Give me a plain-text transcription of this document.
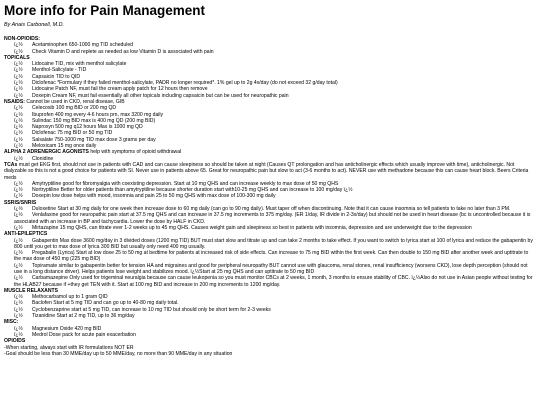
More info for Pain Management
By Anais Carbonell, M.D.
NON-OPIOIDS:
ï¿½ Acetaminophen 650-1000 mg TID scheduled
ï¿½ Check Vitamin D and replete as needed as low Vitamin D is associated with pain
TOPICALS
ï¿½ Lidocaine TID, mix with menthol salicylate
ï¿½ Menthol-Salicylate - TID
ï¿½ Capsaicin TID to QID
ï¿½ Diclofenac *Formulary if they failed menthol-salicylate, PADR no longer required*. 1% gel up to 2g 4x/day (do not exceed 32 g/day total)
ï¿½ Lidocaine Patch NF, must fail the cream apply patch for 12 hours then remove
ï¿½ Doxepin Cream NF, must fail essentially all other topicals including capsaicin but can be used for neuropathic pain
NSAIDS: Cannot be used in CKD, renal disease, GIB
ï¿½ Celecoxib 100 mg BID or 200 mg QD
ï¿½ Ibuprofen 400 mg every 4-6 hours prn, max 3200 mg daily
ï¿½ Sulindac 150 mg BID max is 400 mg QD (200 mg BID)
ï¿½ Naproxyn 500 mg q12 hours Max is 1000 mg QD
ï¿½ Diclofenac 75 mg BID or 50 mg TID
ï¿½ Salsalate 750-1000 mg TID max dose 3 grams per day
ï¿½ Meloxicam 15 mg once daily
ALPHA 2 ADRENERGIC AGONISTS help with symptoms of opioid withdrawal
ï¿½ Clonidine
TCAs must get EKG first, should not use in patients with CAD and can cause sleepiness so should be taken at night (Causes QT prolongation and has anticholinergic effects which usually improve with time), anticholinergic. Not dialyzable so this is not a good choice for patients with SI. Never use in patients above 65. Great for neuropathic pain but slow to act (3-6 months to act). NEVER use with methadone because this can cause heart block. Beers Criteria meds
ï¿½ Amytryptiline good for fibromyalgia with coexisting depression. Start at 10 mg QHS and can increase weekly to max dose of 50 mg QHS
ï¿½ Nortryptiline Better for older patients than amytryptiline because shorter duration start with10-25 mg QHS and can increase to 100 mg/day ï¿½
ï¿½ Doxepin low dose helps with mood, insomnia and pain 25 to 50 mg QHS with max dose of 100-300 mg daily
SSRIS/SNRIS
ï¿½ Duloxetine Start at 30 mg daily for one week then increase dose to 60 mg daily (can go to 90 mg daily). Must taper off when discontinuing. Note that it can cause insomnia so tell patients to take no later than 3 PM.
ï¿½ Venlafaxine good for neuropathic pain start at 37.5 mg QHS and can increase in 37.5 mg increments to 375 mg/day. (ER 1/day, IR divide in 2-3x/day) but should not be used in heart disease (bc is uncontrolled because it is associated with an increase in BP and tachycardia. Lower the dose by HALF in CKD.
ï¿½ Mirtazapine 15 mg QHS, can titrate ever 1-2 weeks up to 45 mg QHS. Causes weight gain and sleepiness so best in patients with insomnia, depression and are underweight due to the depression
ANTI-EPILEPTICS
ï¿½ Gabapentin Max dose 3600 mg/day in 3 divided doses (1200 mg TID) BUT must start slow and titrate up and can take 2 months to take effect. If you want to switch to lyrica start at 100 of lyrica and reduce the gabapentin by 800 until you get to max dose of lyrica 300 BID but usually only need 400 mg usually.
ï¿½ Pregabalin (Lyrica) Start at low dose 25 to 50 mg at bedtime for patients at increased risk of side effects. Can increase to 75 mg BID within the first week. Can then double to 150 mg BID after another week and uptitrate to the max dose of 450 mg (225 mg BID)
ï¿½ Topiramate similar to gabapentin better for tension HA and migraines and good for peripheral neuropathy BUT cannot use with glaucoma, renal stones, renal insufficiency (worsens CKD), lose depth perception (should not use in a long distance driver). Helps patients lose weight and stabilizes mood. ï¿½Start at 25 mg QHS and can uptitrate to 50 mg BID
ï¿½ Carbamazepine Only used for trigeminal neuralgia because can cause leukopenia so you must monitor CBCs at 2 weeks, 1 month, 3 months to ensure stability of CBC. ï¿½Also do not use in Asian people without testing for the HLAB27 because if +they get TEN with it. Start at 100 mg BID and increase in 200 mg increments to 1200 mg/day.
MUSCLE RELAXANTS
ï¿½ Methocarbamol up to 1 gram QID
ï¿½ Baclofen Start at 5 mg TID and can go up to 40-80 mg daily total.
ï¿½ Cyclobenzaprine start at 5 mg TID, can increase to 10 mg TID but should only be short term for 2-3 weeks
ï¿½ Tizanidine Start at 2 mg TID, up to 36 mg/day
MISC:
ï¿½ Magnesium Oxide 420 mg BID
ï¿½ Medrol Dose pack for acute pain exacerbation
OPIOIDS
-When starting, always start with IR formulations NOT ER
-Goal should be less than 30 MME/day up to 50 MME/day, no more than 90 MME/day in any situation
